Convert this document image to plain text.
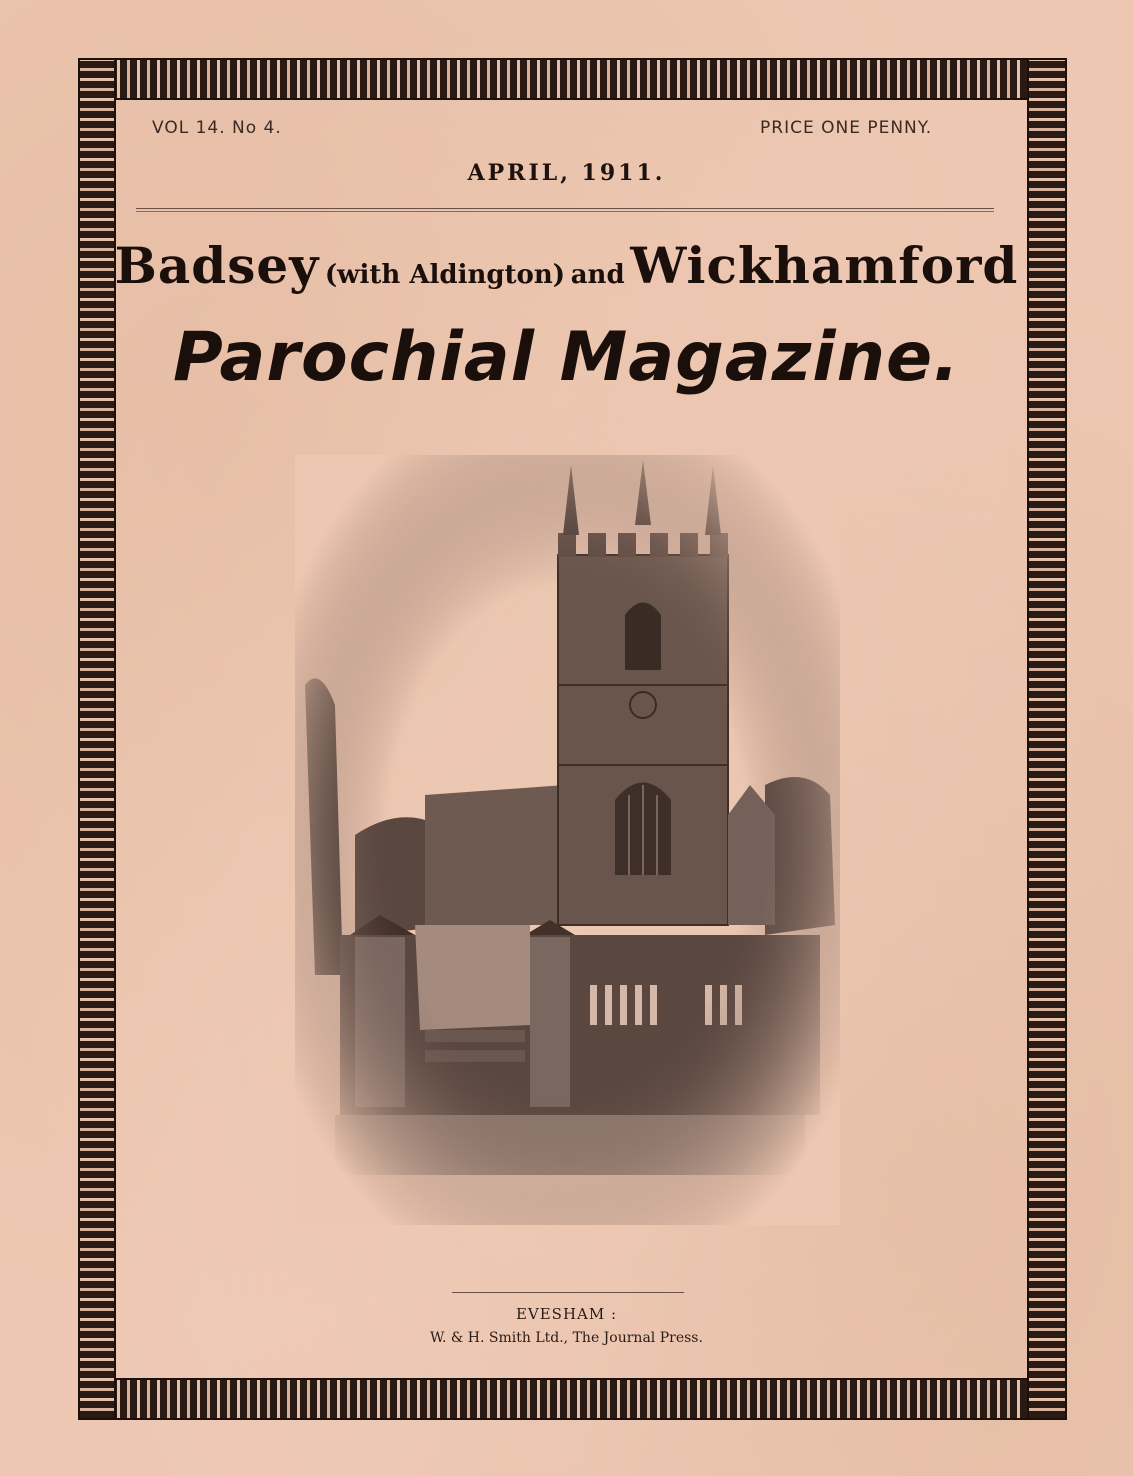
VOL 14. No 4.	PRICE ONE PENNY.
APRIL, 1911.
Badsey (with Aldington) and Wickhamford
Parochial Magazine.
EVESHAM :
W. & H. Smith Ltd., The Journal Press.
